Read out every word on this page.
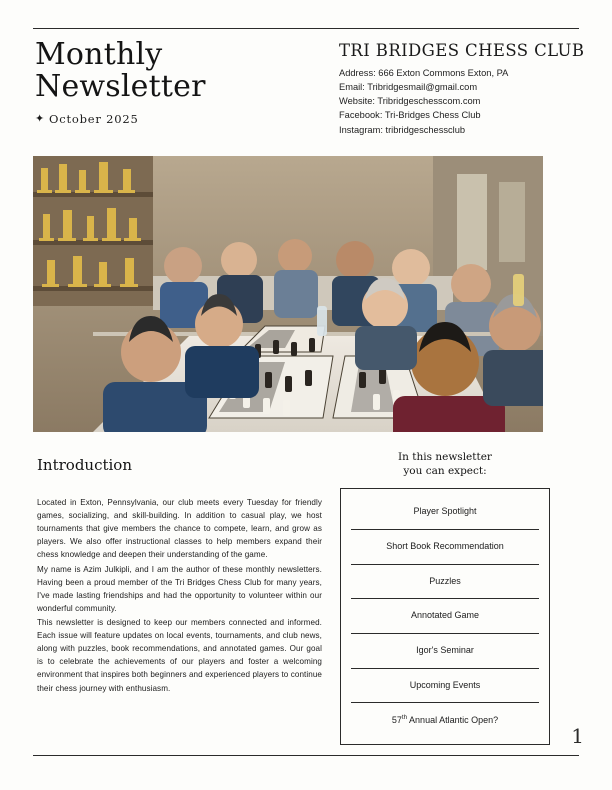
Monthly
Newsletter
✦ October 2025
TRI BRIDGES CHESS CLUB
Address: 666 Exton Commons Exton, PA
Email: Tribridgesmail@gmail.com
Website: Tribridgeschesscom.com
Facebook: Tri-Bridges Chess Club
Instagram: tribridgeschessclub
Introduction

Located in Exton, Pennsylvania, our club meets every Tuesday for friendly games, socializing, and skill-building. In addition to casual play, we host tournaments that give members the chance to compete, learn, and grow as players. We also offer instructional classes to help members expand their chess knowledge and deepen their understanding of the game.

My name is Azim Julkipli, and I am the author of these monthly newsletters. Having been a proud member of the Tri Bridges Chess Club for many years, I've made lasting friendships and had the opportunity to volunteer within our wonderful community.

This newsletter is designed to keep our members connected and informed. Each issue will feature updates on local events, tournaments, and club news, along with puzzles, book recommendations, and annotated games. Our goal is to celebrate the achievements of our players and foster a welcoming environment that inspires both beginners and experienced players to continue their chess journey with enthusiasm.

In this newsletter
you can expect:
Player Spotlight
Short Book Recommendation
Puzzles
Annotated Game
Igor's Seminar
Upcoming Events
57th Annual Atlantic Open?
1
